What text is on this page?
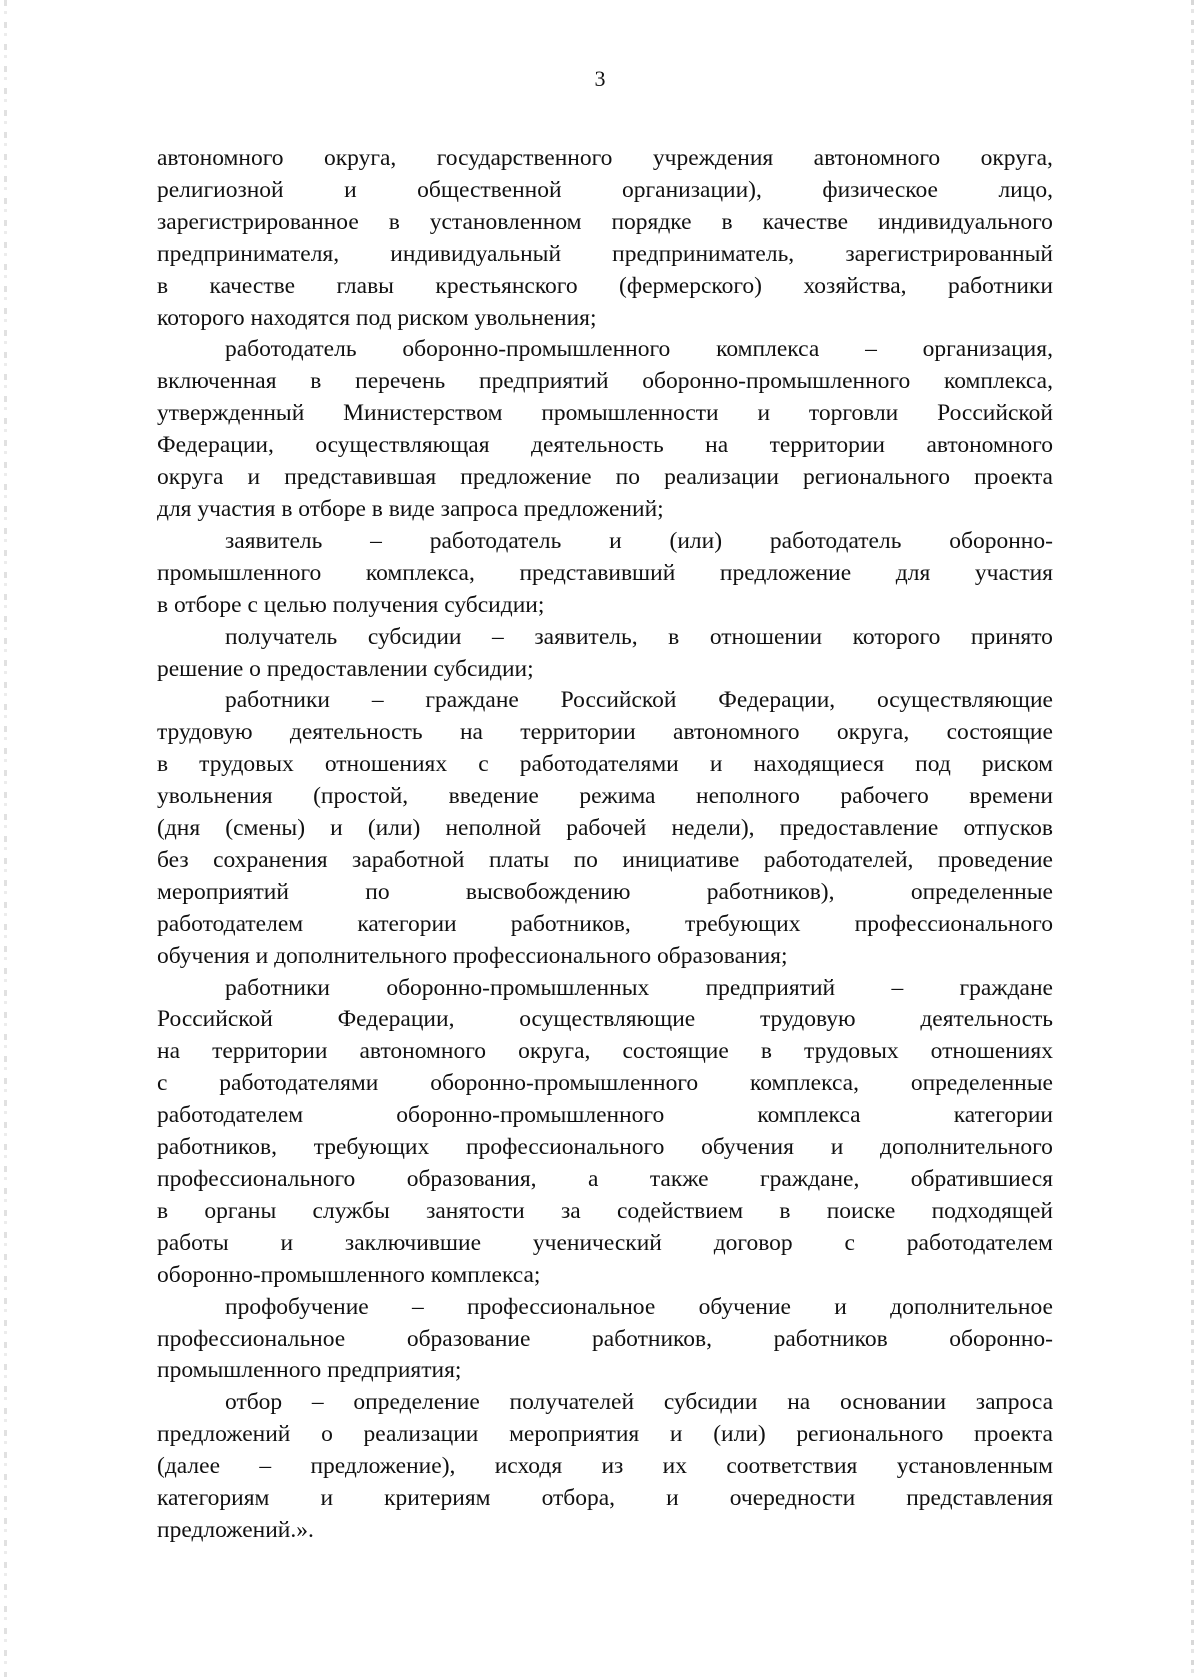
3
автономного округа, государственного учреждения автономного округа,
религиозной	и	общественной	организации),	физическое	лицо,
зарегистрированное в установленном порядке в качестве индивидуального
предпринимателя, индивидуальный предприниматель, зарегистрированный
в качестве главы крестьянского (фермерского) хозяйства, работники
которого находятся под риском увольнения;
работодатель оборонно-промышленного комплекса – организация,
включенная в перечень предприятий оборонно-промышленного комплекса,
утвержденный Министерством промышленности и торговли Российской
Федерации, осуществляющая деятельность на территории автономного
округа и представившая предложение по реализации регионального проекта
для участия в отборе в виде запроса предложений;
заявитель – работодатель и (или) работодатель оборонно-
промышленного комплекса, представивший предложение для участия
в отборе с целью получения субсидии;
получатель субсидии – заявитель, в отношении которого принято
решение о предоставлении субсидии;
работники – граждане Российской Федерации, осуществляющие
трудовую деятельность на территории автономного округа, состоящие
в трудовых отношениях с работодателями и находящиеся под риском
увольнения (простой, введение режима неполного рабочего времени
(дня (смены) и (или) неполной рабочей недели), предоставление отпусков
без сохранения заработной платы по инициативе работодателей, проведение
мероприятий	по	высвобождению	работников),	определенные
работодателем категории работников, требующих профессионального
обучения и дополнительного профессионального образования;
работники оборонно-промышленных предприятий – граждане
Российской	Федерации,	осуществляющие	трудовую	деятельность
на территории автономного округа, состоящие в трудовых отношениях
с работодателями оборонно-промышленного комплекса, определенные
работодателем	оборонно-промышленного	комплекса	категории
работников, требующих профессионального обучения и дополнительного
профессионального образования, а также граждане, обратившиеся
в органы службы занятости за содействием в поиске подходящей
работы и заключившие ученический договор с работодателем
оборонно-промышленного комплекса;
профобучение – профессиональное обучение и дополнительное
профессиональное	образование	работников,	работников	оборонно-
промышленного предприятия;
отбор – определение получателей субсидии на основании запроса
предложений о реализации мероприятия и (или) регионального проекта
(далее – предложение), исходя из их соответствия установленным
категориям и критериям отбора, и очередности представления
предложений.».
